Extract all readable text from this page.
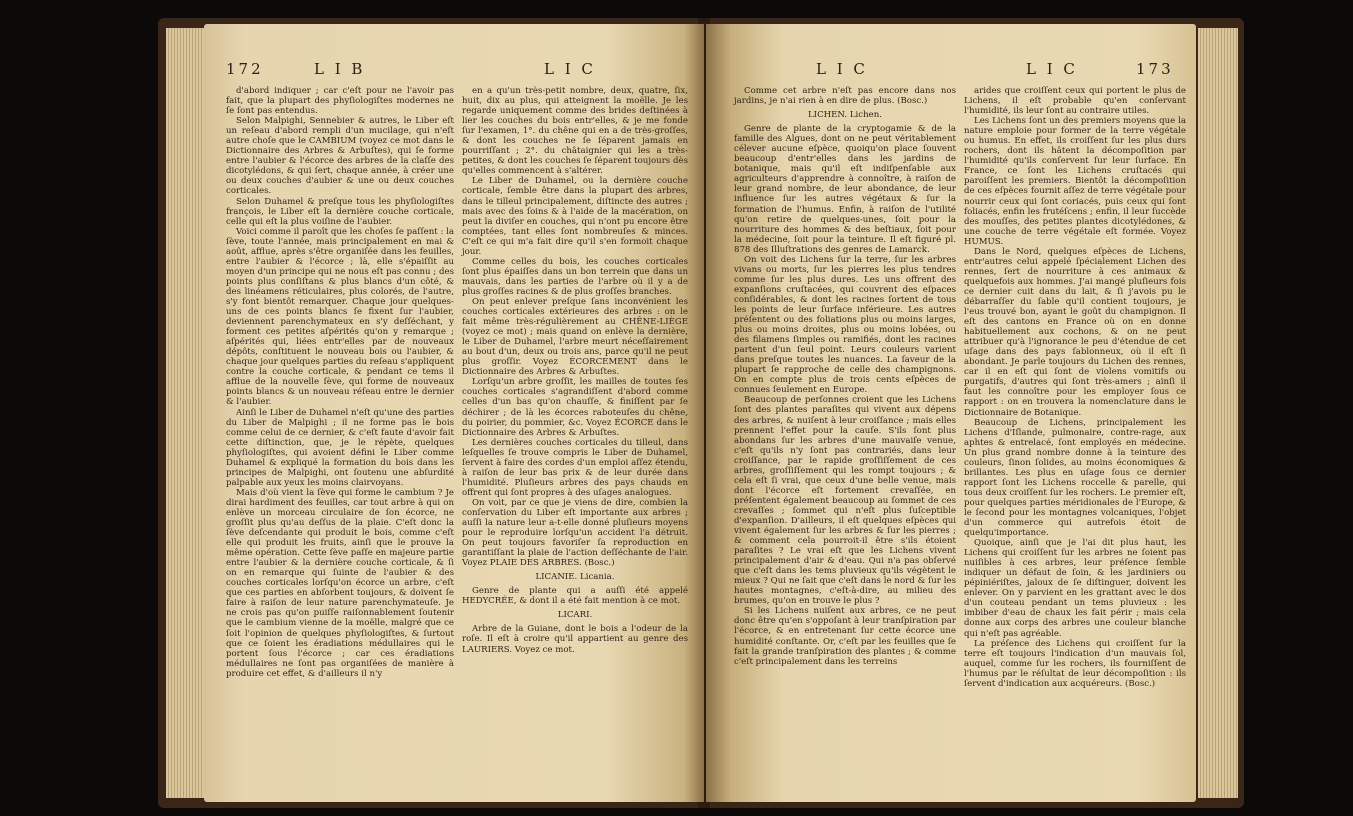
172	L I B	L I C

d'abord indiquer ; car c'eſt pour ne l'avoir pas fait, que la plupart des phyſiologiſtes modernes ne ſe ſont pas entendus.

Selon Malpighi, Sennebier & autres, le Liber eſt un reſeau d'abord rempli d'un mucilage, qui n'eſt autre choſe que le CAMBIUM (voyez ce mot dans le Dictionnaire des Arbres & Arbuſtes), qui ſe forme entre l'aubier & l'écorce des arbres de la claſſe des dicotylédons, & qui ſert, chaque année, à créer une ou deux couches d'aubier & une ou deux couches corticales.

Selon Duhamel & preſque tous les phyſiologiſtes françois, le Liber eſt la dernière couche corticale, celle qui eſt la plus voiſine de l'aubier.

Voici comme il paroît que les choſes ſe paſſent : la ſève, toute l'année, mais principalement en mai & août, afflue, après s'être organiſée dans les feuilles, entre l'aubier & l'écorce ; là, elle s'épaiſſit au moyen d'un principe qui ne nous eſt pas connu ; des points plus conſiſtans & plus blancs d'un côté, & des linéamens réticulaires, plus colorés, de l'autre, s'y font bientôt remarquer. Chaque jour quelques-uns de ces points blancs ſe fixent ſur l'aubier, deviennent parenchymateux en s'y deſſéchant, y forment ces petites aſpérités qu'on y remarque ; aſpérités qui, liées entr'elles par de nouveaux dépôts, conſtituent le nouveau bois ou l'aubier, & chaque jour quelques parties du reſeau s'appliquent contre la couche corticale, & pendant ce tems il afflue de la nouvelle ſève, qui forme de nouveaux points blancs & un nouveau réſeau entre le dernier & l'aubier.

Ainſi le Liber de Duhamel n'eſt qu'une des parties du Liber de Malpighi ; il ne forme pas le bois comme celui de ce dernier, & c'eſt faute d'avoir fait cette diſtinction, que, je le répète, quelques phyſiologiſtes, qui avoient défini le Liber comme Duhamel & expliqué la formation du bois dans les principes de Malpighi, ont ſoutenu une abſurdité palpable aux yeux les moins clairvoyans.

Mais d'où vient la ſève qui forme le cambium ? Je dirai hardiment des feuilles, car tout arbre à qui on enlève un morceau circulaire de ſon écorce, ne groſſit plus qu'au deſſus de la plaie. C'eſt donc la ſève deſcendante qui produit le bois, comme c'eſt elle qui produit les fruits, ainſi que le prouve la même opération. Cette ſève paſſe en majeure partie entre l'aubier & la dernière couche corticale, & ſi on en remarque qui ſuinte de l'aubier & des couches corticales lorſqu'on écorce un arbre, c'eſt que ces parties en abſorbent toujours, & doivent ſe faire à raiſon de leur nature parenchymateuſe. Je ne crois pas qu'on puiſſe raiſonnablement ſoutenir que le cambium vienne de la moëlle, malgré que ce ſoit l'opinion de quelques phyſiologiſtes, & ſurtout que ce ſoient les éradiations médullaires qui le portent ſous l'écorce ; car ces éradiations médullaires ne ſont pas organiſées de manière à produire cet effet, & d'ailleurs il n'y

en a qu'un très-petit nombre, deux, quatre, ſix, huit, dix au plus, qui atteignent la moëlle. Je les regarde uniquement comme des brides deſtinées à lier les couches du bois entr'elles, & je me fonde ſur l'examen, 1°. du chêne qui en a de très-groſſes, & dont les couches ne ſe ſéparent jamais en pourriſſant ; 2°. du châtaignier qui les a très-petites, & dont les couches ſe ſéparent toujours dès qu'elles commencent à s'altérer.

Le Liber de Duhamel, ou la dernière couche corticale, ſemble être dans la plupart des arbres, dans le tilleul principalement, diſtincte des autres ; mais avec des ſoins & à l'aide de la macération, on peut la diviſer en couches, qui n'ont pu encore être comptées, tant elles ſont nombreuſes & minces. C'eſt ce qui m'a fait dire qu'il s'en formoit chaque jour.

Comme celles du bois, les couches corticales ſont plus épaiſſes dans un bon terrein que dans un mauvais, dans les parties de l'arbre où il y a de plus groſſes racines & de plus groſſes branches.

On peut enlever preſque ſans inconvénient les couches corticales extérieures des arbres : on le fait même très-régulièrement au CHÊNE-LIÈGE (voyez ce mot) ; mais quand on enlève la dernière, le Liber de Duhamel, l'arbre meurt néceſſairement au bout d'un, deux ou trois ans, parce qu'il ne peut plus groſſir. Voyez ÉCORCEMENT dans le Dictionnaire des Arbres & Arbuſtes.

Lorſqu'un arbre groſſit, les mailles de toutes ſes couches corticales s'agrandiſſent d'abord comme celles d'un bas qu'on chauſſe, & finiſſent par ſe déchirer ; de là les écorces raboteuſes du chêne, du poirier, du pommier, &c. Voyez ÉCORCE dans le Dictionnaire des Arbres & Arbuſtes.

Les dernières couches corticales du tilleul, dans leſquelles ſe trouve compris le Liber de Duhamel, ſervent à faire des cordes d'un emploi aſſez étendu, à raiſon de leur bas prix & de leur durée dans l'humidité. Pluſieurs arbres des pays chauds en offrent qui ſont propres à des uſages analogues.

On voit, par ce que je viens de dire, combien la conſervation du Liber eſt importante aux arbres ; auſſi la nature leur a-t-elle donné pluſieurs moyens pour le reproduire lorſqu'un accident l'a détruit. On peut toujours favoriſer ſa reproduction en garantiſſant la plaie de l'action deſſéchante de l'air. Voyez PLAIE DES ARBRES. (Bosc.)

LICANIE. Licania.

Genre de plante qui a auſſi été appelé HEDYCRÉE, & dont il a été fait mention à ce mot.

LICARI.

Arbre de la Guiane, dont le bois a l'odeur de la roſe. Il eſt à croire qu'il appartient au genre des LAURIERS. Voyez ce mot.

L I C	L I C	173

Comme cet arbre n'eſt pas encore dans nos jardins, je n'ai rien à en dire de plus. (Bosc.)

LICHEN. Lichen.

Genre de plante de la cryptogamie & de la famille des Algues, dont on ne peut véritablement célever aucune eſpèce, quoiqu'on place ſouvent beaucoup d'entr'elles dans les jardins de botanique, mais qu'il eſt indiſpenſable aux agriculteurs d'apprendre à connoître, à raiſon de leur grand nombre, de leur abondance, de leur influence ſur les autres végétaux & ſur la formation de l'humus. Enfin, à raiſon de l'utilité qu'on retire de quelques-unes, ſoit pour la nourriture des hommes & des beſtiaux, ſoit pour la médecine, ſoit pour la teinture. Il eſt figuré pl. 878 des Illuſtrations des genres de Lamarck.

On voit des Lichens ſur la terre, ſur les arbres vivans ou morts, ſur les pierres les plus tendres comme ſur les plus dures. Les uns offrent des expanſions cruſtacées, qui couvrent des eſpaces conſidérables, & dont les racines ſortent de tous les points de leur ſurface inférieure. Les autres préſentent ou des foliations plus ou moins larges, plus ou moins droites, plus ou moins lobées, ou des filamens ſimples ou ramifiés, dont les racines partent d'un ſeul point. Leurs couleurs varient dans preſque toutes les nuances. La ſaveur de la plupart ſe rapproche de celle des champignons. On en compte plus de trois cents eſpèces de connues ſeulement en Europe.

Beaucoup de perſonnes croient que les Lichens ſont des plantes paraſites qui vivent aux dépens des arbres, & nuiſent à leur croiſſance ; mais elles prennent l'effet pour la cauſe. S'ils ſont plus abondans ſur les arbres d'une mauvaiſe venue, c'eſt qu'ils n'y ſont pas contrariés, dans leur croiſſance, par le rapide groſſiſſement de ces arbres, groſſiſſement qui les rompt toujours ; & cela eſt ſi vrai, que ceux d'une belle venue, mais dont l'écorce eſt fortement crevaſſée, en préſentent également beaucoup au ſommet de ces crevaſſes ; ſommet qui n'eſt plus ſuſceptible d'expanſion. D'ailleurs, il eſt quelques eſpèces qui vivent également ſur les arbres & ſur les pierres ; & comment cela pourroit-il être s'ils étoient paraſites ? Le vrai eſt que les Lichens vivent principalement d'air & d'eau. Qui n'a pas obſervé que c'eſt dans les tems pluvieux qu'ils végètent le mieux ? Qui ne ſait que c'eſt dans le nord & ſur les hautes montagnes, c'eſt-à-dire, au milieu des brumes, qu'on en trouve le plus ?

Si les Lichens nuiſent aux arbres, ce ne peut donc être qu'en s'oppoſant à leur tranſpiration par l'écorce, & en entretenant ſur cette écorce une humidité conſtante. Or, c'eſt par les feuilles que ſe fait la grande tranſpiration des plantes ; & comme c'eſt principalement dans les terreins

arides que croiſſent ceux qui portent le plus de Lichens, il eſt probable qu'en conſervant l'humidité, ils leur ſont au contraire utiles.

Les Lichens ſont un des premiers moyens que la nature emploie pour former de la terre végétale ou humus. En effet, ils croiſſent ſur les plus durs rochers, dont ils hâtent la décompoſition par l'humidité qu'ils conſervent ſur leur ſurface. En France, ce ſont les Lichens cruſtacés qui paroiſſent les premiers. Bientôt la décompoſition de ces eſpèces fournit aſſez de terre végétale pour nourrir ceux qui ſont coriacés, puis ceux qui ſont foliacés, enfin les frutéſcens ; enfin, il leur ſuccède des mouſſes, des petites plantes dicotylédones, & une couche de terre végétale eſt formée. Voyez HUMUS.

Dans le Nord, quelques eſpèces de Lichens, entr'autres celui appelé ſpécialement Lichen des rennes, ſert de nourriture à ces animaux & quelquefois aux hommes. J'ai mangé pluſieurs fois ce dernier cuit dans du lait, & ſi j'avois pu le débarraſſer du ſable qu'il contient toujours, je l'eus trouvé bon, ayant le goût du champignon. Il eſt des cantons en France où on en donne habituellement aux cochons, & on ne peut attribuer qu'à l'ignorance le peu d'étendue de cet uſage dans des pays ſablonneux, où il eſt ſi abondant. Je parle toujours du Lichen des rennes, car il en eſt qui ſont de violens vomitifs ou purgatifs, d'autres qui ſont très-amers ; ainſi il faut les connoître pour les employer ſous ce rapport : on en trouvera la nomenclature dans le Dictionnaire de Botanique.

Beaucoup de Lichens, principalement les Lichens d'Iſlande, pulmonaire, contre-rage, aux aphtes & entrelacé, ſont employés en médecine. Un plus grand nombre donne à la teinture des couleurs, ſinon ſolides, au moins économiques & brillantes. Les plus en uſage ſous ce dernier rapport ſont les Lichens roccelle & parelle, qui tous deux croiſſent ſur les rochers. Le premier eſt, pour quelques parties méridionales de l'Europe, & le ſecond pour les montagnes volcaniques, l'objet d'un commerce qui autrefois étoit de quelqu'importance.

Quoique, ainſi que je l'ai dit plus haut, les Lichens qui croiſſent ſur les arbres ne ſoient pas nuiſibles à ces arbres, leur préſence ſemble indiquer un défaut de ſoin, & les jardiniers ou pépiniériſtes, jaloux de ſe diſtinguer, doivent les enlever. On y parvient en les grattant avec le dos d'un couteau pendant un tems pluvieux : les imbiber d'eau de chaux les fait périr ; mais cela donne aux corps des arbres une couleur blanche qui n'eſt pas agréable.

La préſence des Lichens qui croiſſent ſur la terre eſt toujours l'indication d'un mauvais ſol, auquel, comme ſur les rochers, ils fourniſſent de l'humus par le réſultat de leur décompoſition : ils ſervent d'indication aux acquéreurs. (Bosc.)
